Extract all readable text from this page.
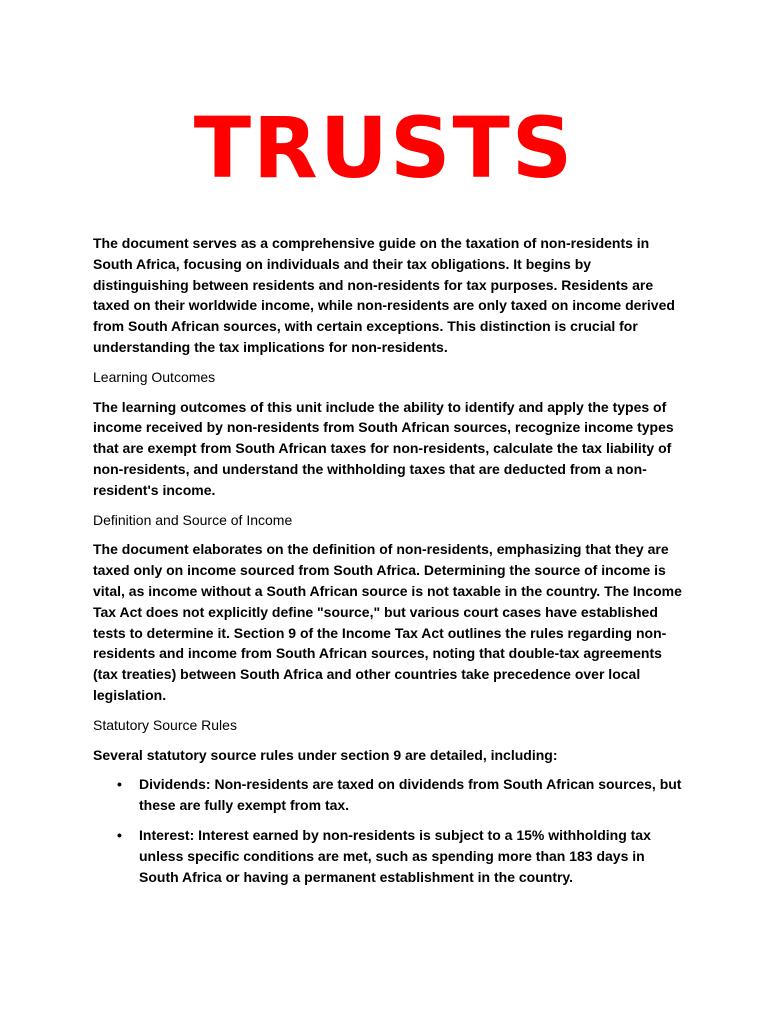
TRUSTS

The document serves as a comprehensive guide on the taxation of non-residents in South Africa, focusing on individuals and their tax obligations. It begins by distinguishing between residents and non-residents for tax purposes. Residents are taxed on their worldwide income, while non-residents are only taxed on income derived from South African sources, with certain exceptions. This distinction is crucial for understanding the tax implications for non-residents.

Learning Outcomes

The learning outcomes of this unit include the ability to identify and apply the types of income received by non-residents from South African sources, recognize income types that are exempt from South African taxes for non-residents, calculate the tax liability of non-residents, and understand the withholding taxes that are deducted from a non-resident's income.

Definition and Source of Income

The document elaborates on the definition of non-residents, emphasizing that they are taxed only on income sourced from South Africa. Determining the source of income is vital, as income without a South African source is not taxable in the country. The Income Tax Act does not explicitly define "source," but various court cases have established tests to determine it. Section 9 of the Income Tax Act outlines the rules regarding non-residents and income from South African sources, noting that double-tax agreements (tax treaties) between South Africa and other countries take precedence over local legislation.

Statutory Source Rules

Several statutory source rules under section 9 are detailed, including:

• Dividends: Non-residents are taxed on dividends from South African sources, but these are fully exempt from tax.
• Interest: Interest earned by non-residents is subject to a 15% withholding tax unless specific conditions are met, such as spending more than 183 days in South Africa or having a permanent establishment in the country.
